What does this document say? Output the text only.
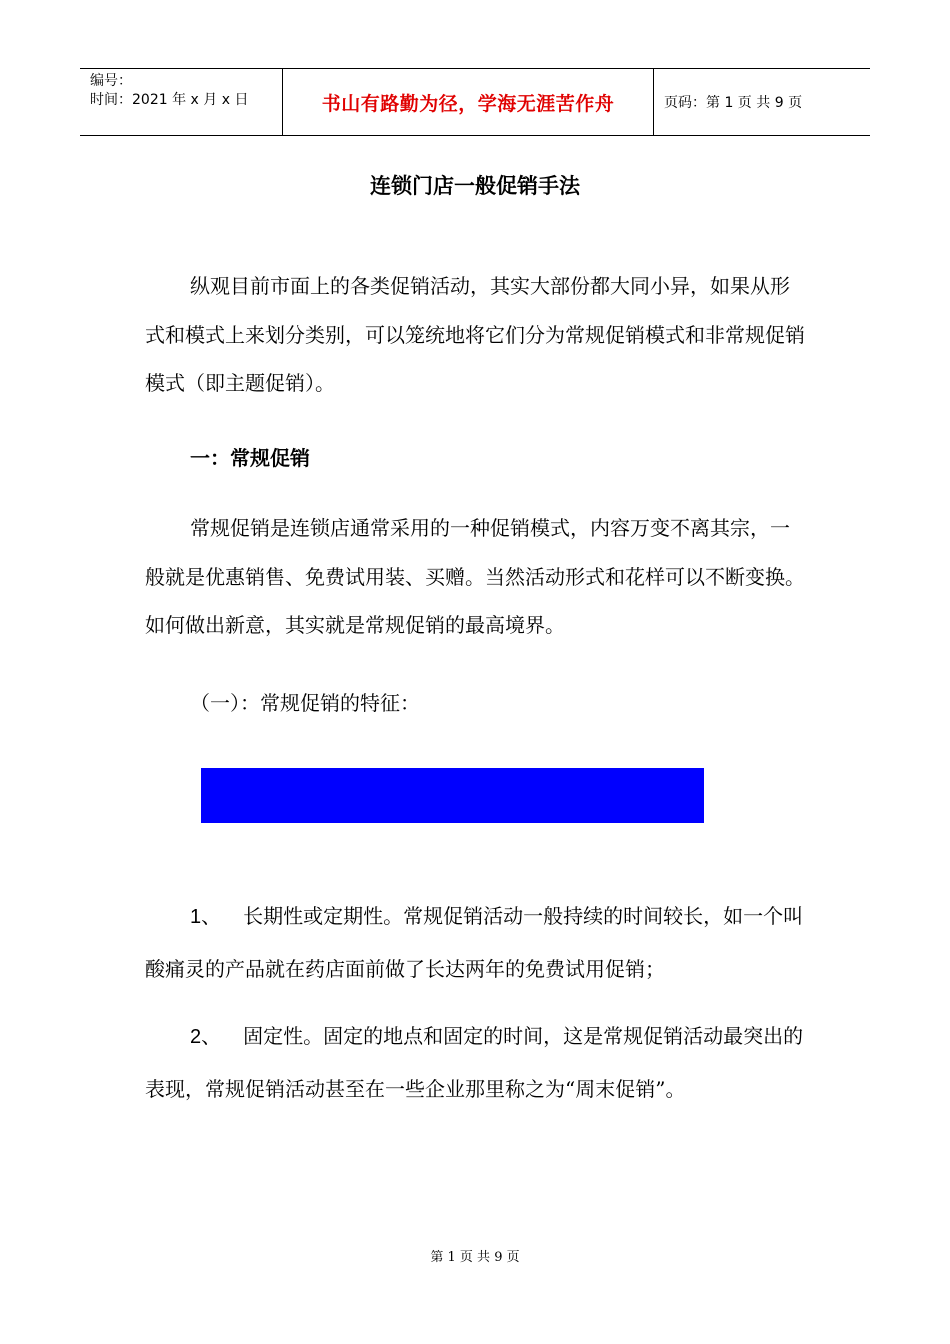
编号：
时间：2021 年 x 月 x 日	书山有路勤为径，学海无涯苦作舟	页码：第 1 页 共 9 页
连锁门店一般促销手法

纵观目前市面上的各类促销活动，其实大部份都大同小异，如果从形式和模式上来划分类别，可以笼统地将它们分为常规促销模式和非常规促销模式（即主题促销）。

一：常规促销

常规促销是连锁店通常采用的一种促销模式，内容万变不离其宗，一般就是优惠销售、免费试用装、买赠。当然活动形式和花样可以不断变换。如何做出新意，其实就是常规促销的最高境界。

（一）：常规促销的特征：

1、 长期性或定期性。常规促销活动一般持续的时间较长，如一个叫酸痛灵的产品就在药店面前做了长达两年的免费试用促销；

2、 固定性。固定的地点和固定的时间，这是常规促销活动最突出的表现，常规促销活动甚至在一些企业那里称之为“周末促销”。

第 1 页 共 9 页
